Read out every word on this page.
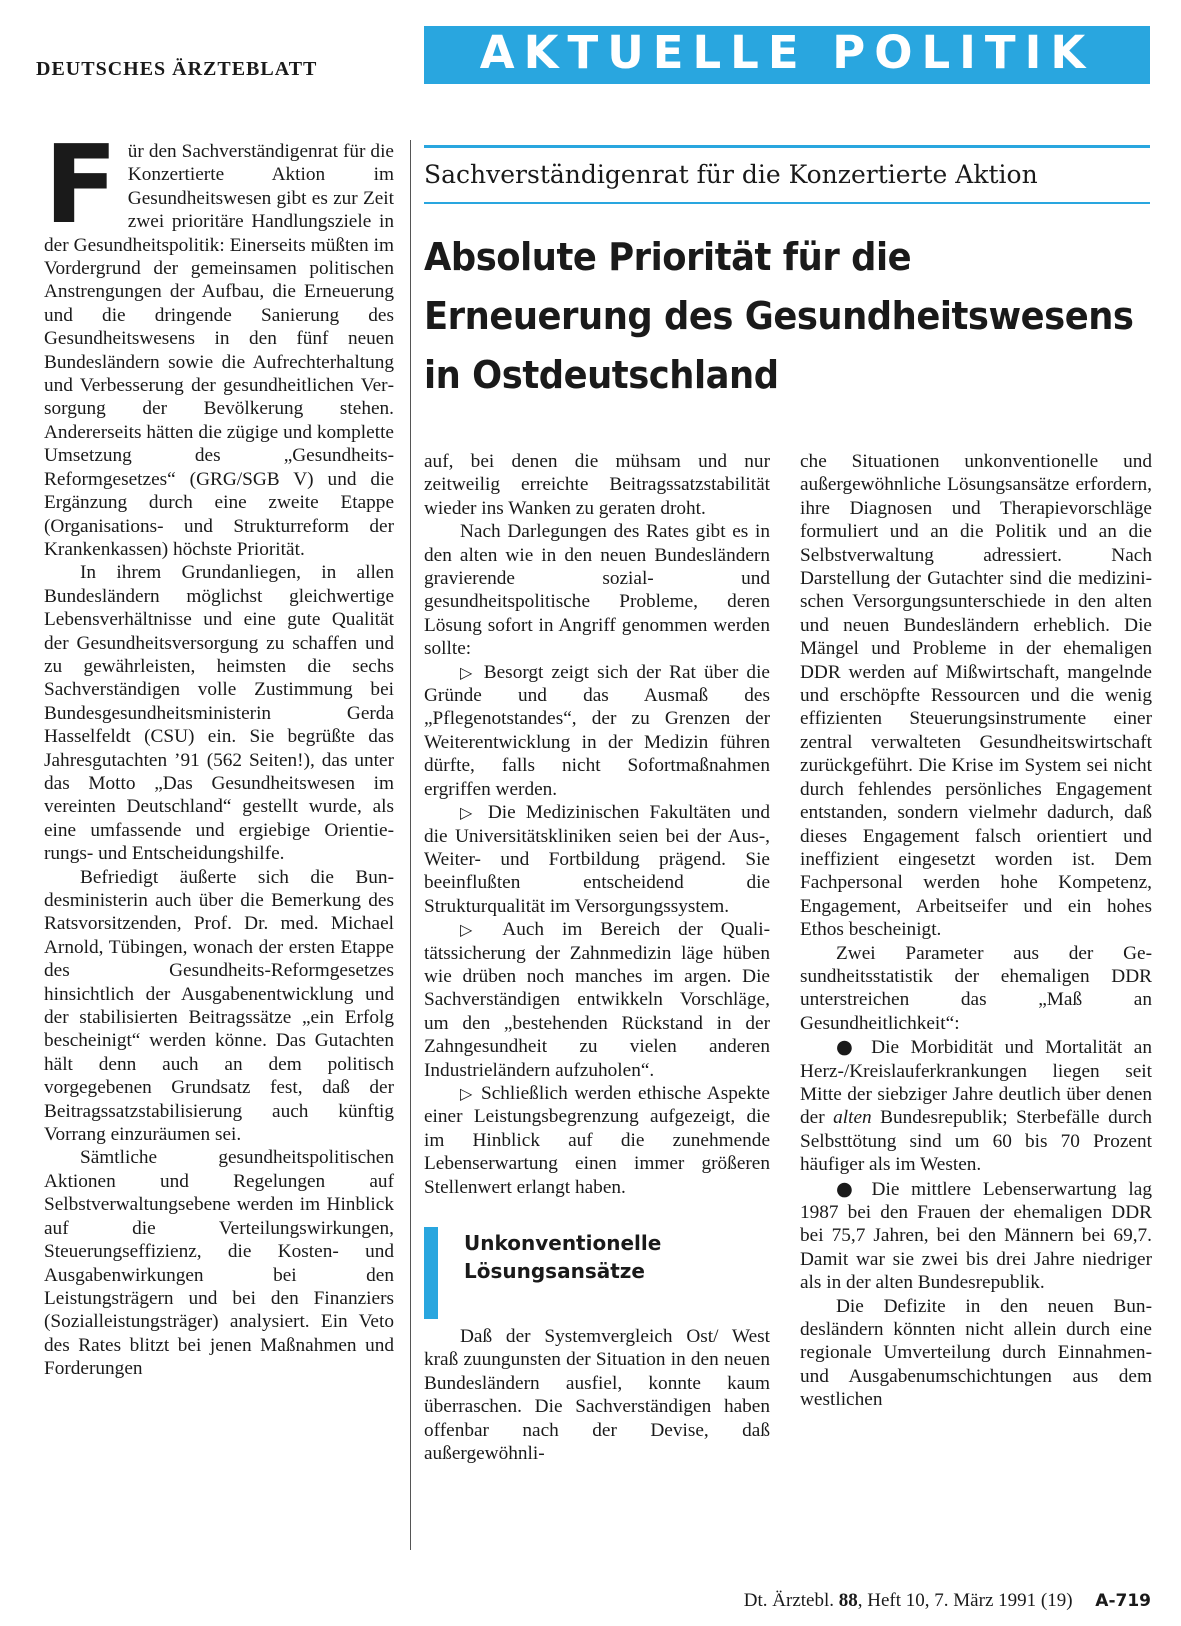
DEUTSCHES ÄRZTEBLATT	AKTUELLE POLITIK
Sachverständigenrat für die Konzertierte Aktion
Absolute Priorität für die
Erneuerung des Gesundheitswesens
in Ostdeutschland
F ür den Sachverständigenrat für die Konzertierte Aktion im Gesundheitswesen gibt es zur Zeit zwei prioritäre Handlungsziele in der Gesundheitspolitik: Einerseits müßten im Vordergrund der gemeinsamen politischen Anstrengungen der Aufbau, die Erneuerung und die dringende Sanierung des Gesundheitswesens in den fünf neuen Bundesländern sowie die Aufrechterhaltung und Verbesserung der gesundheitlichen Versorgung der Bevölkerung stehen. Andererseits hätten die zügige und komplette Umsetzung des „Gesundheits-Reformgesetzes“ (GRG/SGB V) und die Ergänzung durch eine zweite Etappe (Organisations- und Strukturreform der Krankenkassen) höchste Priorität.

In ihrem Grundanliegen, in allen Bundesländern möglichst gleichwertige Lebensverhältnisse und eine gute Qualität der Gesundheitsversorgung zu schaffen und zu gewährleisten, heimsten die sechs Sachverständigen volle Zustimmung bei Bundesgesundheitsministerin Gerda Hasselfeldt (CSU) ein. Sie begrüßte das Jahresgutachten ’91 (562 Seiten!), das unter das Motto „Das Gesundheitswesen im vereinten Deutschland“ gestellt wurde, als eine umfassende und ergiebige Orientierungs- und Entscheidungshilfe.

Befriedigt äußerte sich die Bundesministerin auch über die Bemerkung des Ratsvorsitzenden, Prof. Dr. med. Michael Arnold, Tübingen, wonach der ersten Etappe des Gesundheits-Reformgesetzes hinsichtlich der Ausgabenentwicklung und der stabilisierten Beitragssätze „ein Erfolg bescheinigt“ werden könne. Das Gutachten hält denn auch an dem politisch vorgegebenen Grundsatz fest, daß der Beitragssatzstabilisierung auch künftig Vorrang einzuräumen sei.

Sämtliche gesundheitspolitischen Aktionen und Regelungen auf Selbstverwaltungsebene werden im Hinblick auf die Verteilungswirkungen, Steuerungseffizienz, die Kosten- und Ausgabenwirkungen bei den Leistungsträgern und bei den Finanziers (Sozialleistungsträger) analysiert. Ein Veto des Rates blitzt bei jenen Maßnahmen und Forderungen

auf, bei denen die mühsam und nur zeitweilig erreichte Beitragssatzstabilität wieder ins Wanken zu geraten droht.

Nach Darlegungen des Rates gibt es in den alten wie in den neuen Bundesländern gravierende sozial- und gesundheitspolitische Probleme, deren Lösung sofort in Angriff genommen werden sollte:

▷ Besorgt zeigt sich der Rat über die Gründe und das Ausmaß des „Pflegenotstandes“, der zu Grenzen der Weiterentwicklung in der Medizin führen dürfte, falls nicht Sofortmaßnahmen ergriffen werden.

▷ Die Medizinischen Fakultäten und die Universitätskliniken seien bei der Aus-, Weiter- und Fortbildung prägend. Sie beeinflußten entscheidend die Strukturqualität im Versorgungssystem.

▷ Auch im Bereich der Qualitätssicherung der Zahnmedizin läge hüben wie drüben noch manches im argen. Die Sachverständigen entwikkeln Vorschläge, um den „bestehenden Rückstand in der Zahngesundheit zu vielen anderen Industrieländern aufzuholen“.

▷ Schließlich werden ethische Aspekte einer Leistungsbegrenzung aufgezeigt, die im Hinblick auf die zunehmende Lebenserwartung einen immer größeren Stellenwert erlangt haben.

Unkonventionelle
Lösungsansätze

Daß der Systemvergleich Ost/ West kraß zuungunsten der Situation in den neuen Bundesländern ausfiel, konnte kaum überraschen. Die Sachverständigen haben offenbar nach der Devise, daß außergewöhnli-

che Situationen unkonventionelle und außergewöhnliche Lösungsansätze erfordern, ihre Diagnosen und Therapievorschläge formuliert und an die Politik und an die Selbstverwaltung adressiert. Nach Darstellung der Gutachter sind die medizinischen Versorgungsunterschiede in den alten und neuen Bundesländern erheblich. Die Mängel und Probleme in der ehemaligen DDR werden auf Mißwirtschaft, mangelnde und erschöpfte Ressourcen und die wenig effizienten Steuerungsinstrumente einer zentral verwalteten Gesundheitswirtschaft zurückgeführt. Die Krise im System sei nicht durch fehlendes persönliches Engagement entstanden, sondern vielmehr dadurch, daß dieses Engagement falsch orientiert und ineffizient eingesetzt worden ist. Dem Fachpersonal werden hohe Kompetenz, Engagement, Arbeitseifer und ein hohes Ethos bescheinigt.

Zwei Parameter aus der Gesundheitsstatistik der ehemaligen DDR unterstreichen das „Maß an Gesundheitlichkeit“:

● Die Morbidität und Mortalität an Herz-/Kreislauferkrankungen liegen seit Mitte der siebziger Jahre deutlich über denen der alten Bundesrepublik; Sterbefälle durch Selbsttötung sind um 60 bis 70 Prozent häufiger als im Westen.

● Die mittlere Lebenserwartung lag 1987 bei den Frauen der ehemaligen DDR bei 75,7 Jahren, bei den Männern bei 69,7. Damit war sie zwei bis drei Jahre niedriger als in der alten Bundesrepublik.

Die Defizite in den neuen Bundesländern könnten nicht allein durch eine regionale Umverteilung durch Einnahmen- und Ausgabenumschichtungen aus dem westlichen

Dt. Ärztebl. 88, Heft 10, 7. März 1991 (19) A-719
